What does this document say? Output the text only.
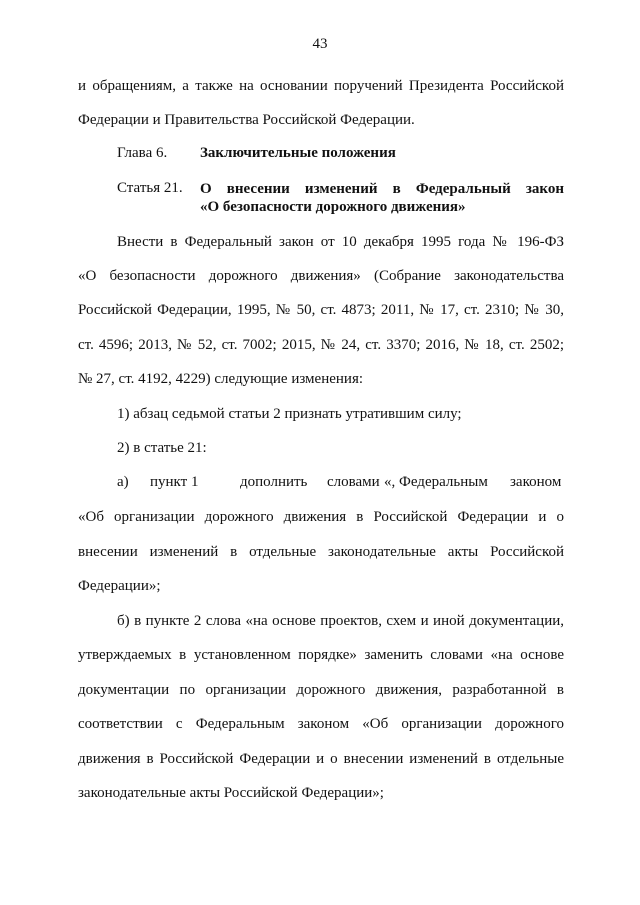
43
и обращениям, а также на основании поручений Президента Российской
Федерации и Правительства Российской Федерации.
Глава 6. Заключительные положения
Статья 21. О внесении изменений в Федеральный закон
«О безопасности дорожного движения»
Внести в Федеральный закон от 10 декабря 1995 года № 196-ФЗ
«О безопасности дорожного движения» (Собрание законодательства
Российской Федерации, 1995, № 50, ст. 4873; 2011, № 17, ст. 2310; № 30,
ст. 4596; 2013, № 52, ст. 7002; 2015, № 24, ст. 3370; 2016, № 18, ст. 2502;
№ 27, ст. 4192, 4229) следующие изменения:
1) абзац седьмой статьи 2 признать утратившим силу;
2) в статье 21:
а) пункт 1	дополнить словами «, Федеральным законом
«Об организации дорожного движения в Российской Федерации и о
внесении изменений в отдельные законодательные акты Российской
Федерации»;
б) в пункте 2 слова «на основе проектов, схем и иной документации,
утверждаемых в установленном порядке» заменить словами «на основе
документации по организации дорожного движения, разработанной в
соответствии с Федеральным законом «Об организации дорожного
движения в Российской Федерации и о внесении изменений в отдельные
законодательные акты Российской Федерации»;
